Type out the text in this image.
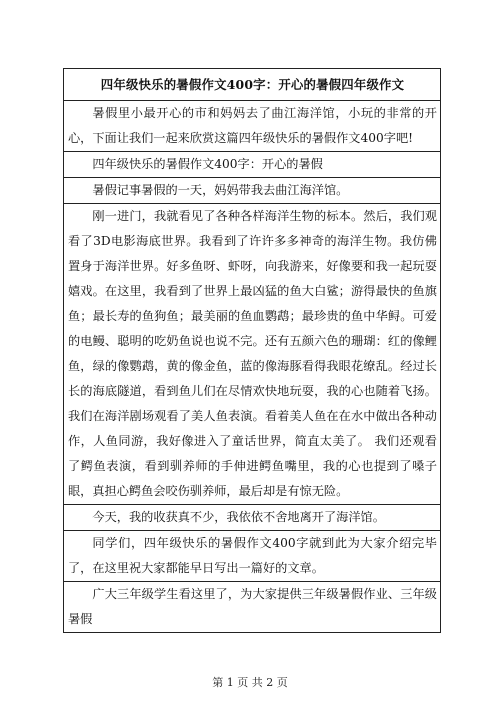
四年级快乐的暑假作文400字：开心的暑假四年级作文
暑假里小最开心的市和妈妈去了曲江海洋馆，小玩的非常的开心，下面让我们一起来欣赏这篇四年级快乐的暑假作文400字吧!
四年级快乐的暑假作文400字：开心的暑假
暑假记事暑假的一天，妈妈带我去曲江海洋馆。
刚一进门，我就看见了各种各样海洋生物的标本。然后，我们观看了3D电影海底世界。我看到了许许多多神奇的海洋生物。我仿佛置身于海洋世界。好多鱼呀、虾呀，向我游来，好像要和我一起玩耍嬉戏。在这里，我看到了世界上最凶猛的鱼大白鲨；游得最快的鱼旗鱼；最长寿的鱼狗鱼；最美丽的鱼血鹦鹉；最珍贵的鱼中华鲟。可爱的电鳗、聪明的吃奶鱼说也说不完。还有五颜六色的珊瑚：红的像鲤鱼，绿的像鹦鹉，黄的像金鱼，蓝的像海豚看得我眼花缭乱。经过长长的海底隧道，看到鱼儿们在尽情欢快地玩耍，我的心也随着飞扬。 我们在海洋剧场观看了美人鱼表演。看着美人鱼在在水中做出各种动作，人鱼同游，我好像进入了童话世界，简直太美了。 我们还观看了鳄鱼表演，看到驯养师的手伸进鳄鱼嘴里，我的心也提到了嗓子眼，真担心鳄鱼会咬伤驯养师，最后却是有惊无险。
今天，我的收获真不少，我依依不舍地离开了海洋馆。
同学们，四年级快乐的暑假作文400字就到此为大家介绍完毕了，在这里祝大家都能早日写出一篇好的文章。
广大三年级学生看这里了，为大家提供三年级暑假作业、三年级暑假
第 1 页 共 2 页
